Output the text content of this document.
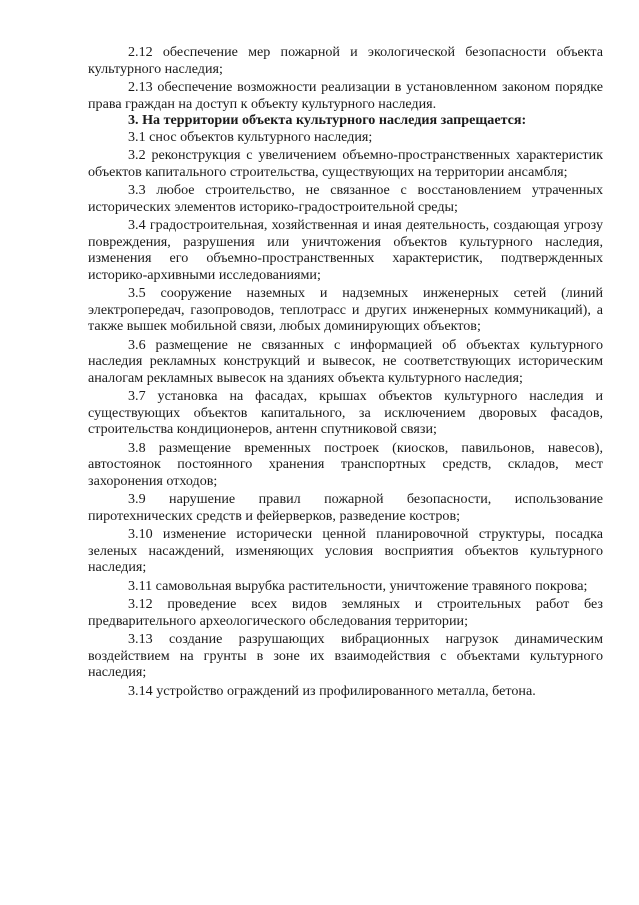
2.12 обеспечение мер пожарной и экологической безопасности объекта культурного наследия;

2.13 обеспечение возможности реализации в установленном законом порядке права граждан на доступ к объекту культурного наследия.

3. На территории объекта культурного наследия запрещается:

3.1 снос объектов культурного наследия;

3.2 реконструкция с увеличением объемно-пространственных характеристик объектов капитального строительства, существующих на территории ансамбля;

3.3 любое строительство, не связанное с восстановлением утраченных исторических элементов историко-градостроительной среды;

3.4 градостроительная, хозяйственная и иная деятельность, создающая угрозу повреждения, разрушения или уничтожения объектов культурного наследия, изменения его объемно-пространственных характеристик, подтвержденных историко-архивными исследованиями;

3.5 сооружение наземных и надземных инженерных сетей (линий электропередач, газопроводов, теплотрасс и других инженерных коммуникаций), а также вышек мобильной связи, любых доминирующих объектов;

3.6 размещение не связанных с информацией об объектах культурного наследия рекламных конструкций и вывесок, не соответствующих историческим аналогам рекламных вывесок на зданиях объекта культурного наследия;

3.7 установка на фасадах, крышах объектов культурного наследия и существующих объектов капитального, за исключением дворовых фасадов, строительства кондиционеров, антенн спутниковой связи;

3.8 размещение временных построек (киосков, павильонов, навесов), автостоянок постоянного хранения транспортных средств, складов, мест захоронения отходов;

3.9 нарушение правил пожарной безопасности, использование пиротехнических средств и фейерверков, разведение костров;

3.10 изменение исторически ценной планировочной структуры, посадка зеленых насаждений, изменяющих условия восприятия объектов культурного наследия;

3.11 самовольная вырубка растительности, уничтожение травяного покрова;

3.12 проведение всех видов земляных и строительных работ без предварительного археологического обследования территории;

3.13 создание разрушающих вибрационных нагрузок динамическим воздействием на грунты в зоне их взаимодействия с объектами культурного наследия;

3.14 устройство ограждений из профилированного металла, бетона.
